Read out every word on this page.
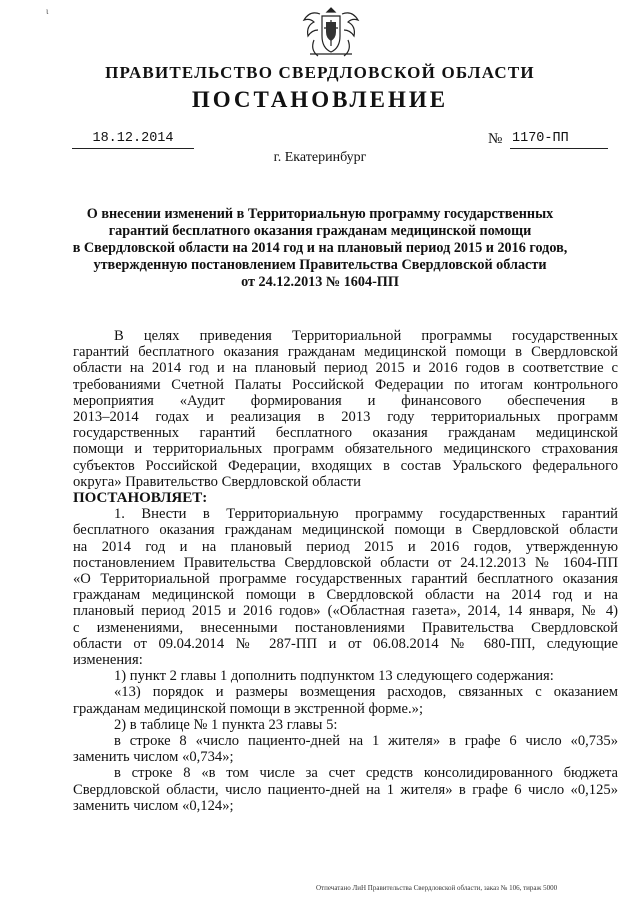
ι
ПРАВИТЕЛЬСТВО СВЕРДЛОВСКОЙ ОБЛАСТИ
ПОСТАНОВЛЕНИЕ
18.12.2014	№ 1170-ПП
г. Екатеринбург
О внесении изменений в Территориальную программу государственных
гарантий бесплатного оказания гражданам медицинской помощи
в Свердловской области на 2014 год и на плановый период 2015 и 2016 годов,
утвержденную постановлением Правительства Свердловской области
от 24.12.2013 № 1604-ПП
В целях приведения Территориальной программы государственных
гарантий бесплатного оказания гражданам медицинской помощи в Свердловской
области на 2014 год и на плановый период 2015 и 2016 годов в соответствие с
требованиями Счетной Палаты Российской Федерации по итогам контрольного
мероприятия «Аудит формирования и финансового обеспечения в
2013–2014 годах и реализация в 2013 году территориальных программ
государственных гарантий бесплатного оказания гражданам медицинской
помощи и территориальных программ обязательного медицинского страхования
субъектов Российской Федерации, входящих в состав Уральского федерального
округа» Правительство Свердловской области
ПОСТАНОВЛЯЕТ:
1. Внести в Территориальную программу государственных гарантий
бесплатного оказания гражданам медицинской помощи в Свердловской области
на 2014 год и на плановый период 2015 и 2016 годов, утвержденную
постановлением Правительства Свердловской области от 24.12.2013 № 1604-ПП
«О Территориальной программе государственных гарантий бесплатного оказания
гражданам медицинской помощи в Свердловской области на 2014 год и на
плановый период 2015 и 2016 годов» («Областная газета», 2014, 14 января, № 4)
с изменениями, внесенными постановлениями Правительства Свердловской
области от 09.04.2014 № 287-ПП и от 06.08.2014 № 680-ПП, следующие
изменения:
1) пункт 2 главы 1 дополнить подпунктом 13 следующего содержания:
«13) порядок и размеры возмещения расходов, связанных с оказанием
гражданам медицинской помощи в экстренной форме.»;
2) в таблице № 1 пункта 23 главы 5:
в строке 8 «число пациенто-дней на 1 жителя» в графе 6 число «0,735»
заменить числом «0,734»;
в строке 8 «в том числе за счет средств консолидированного бюджета
Свердловской области, число пациенто-дней на 1 жителя» в графе 6 число «0,125»
заменить числом «0,124»;
Отпечатано ЛиН Правительства Свердловской области, заказ № 106, тираж 5000
